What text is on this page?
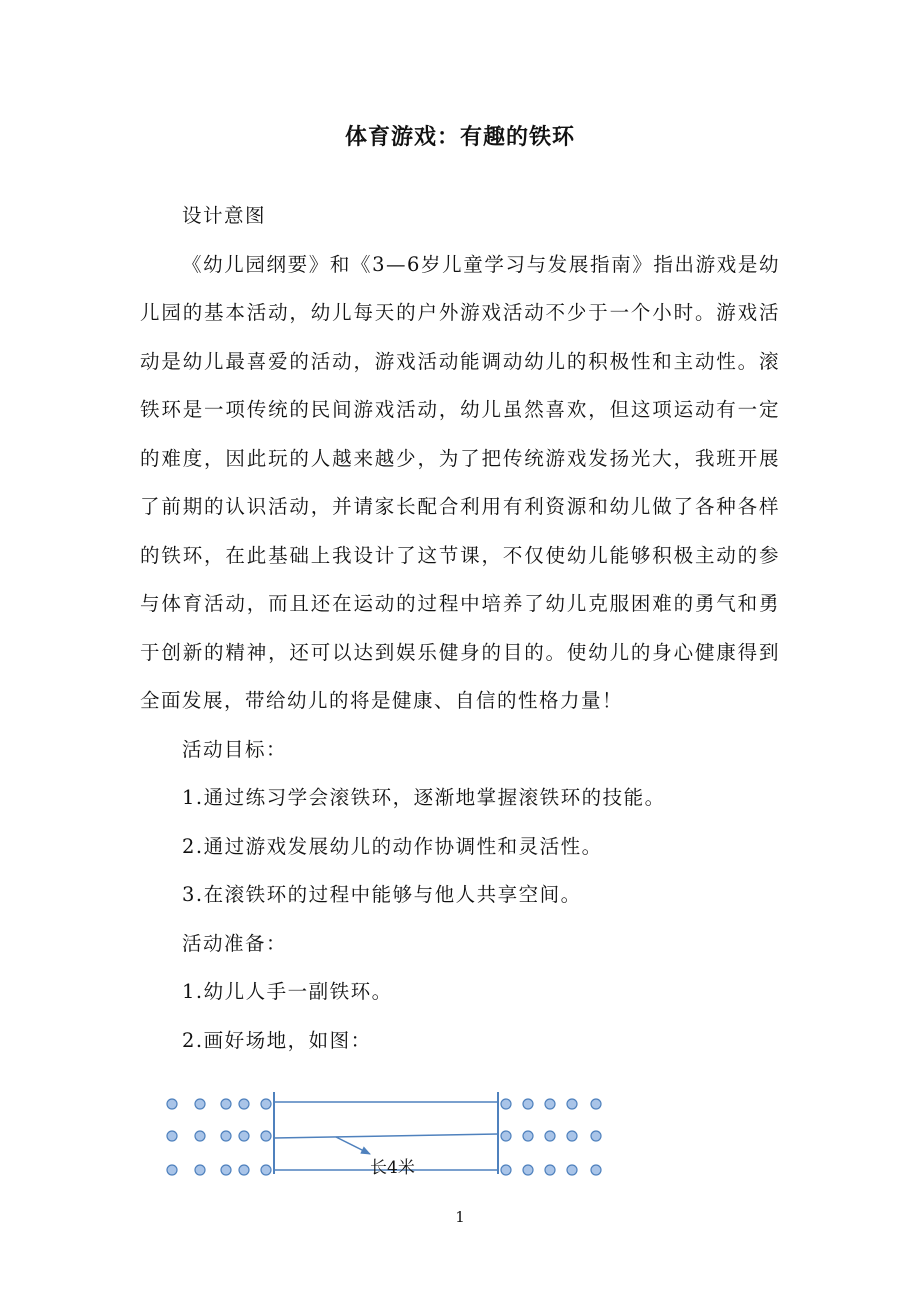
体育游戏：有趣的铁环

设计意图

《幼儿园纲要》和《3—6岁儿童学习与发展指南》指出游戏是幼儿园的基本活动，幼儿每天的户外游戏活动不少于一个小时。游戏活动是幼儿最喜爱的活动，游戏活动能调动幼儿的积极性和主动性。滚铁环是一项传统的民间游戏活动，幼儿虽然喜欢，但这项运动有一定的难度，因此玩的人越来越少，为了把传统游戏发扬光大，我班开展了前期的认识活动，并请家长配合利用有利资源和幼儿做了各种各样的铁环，在此基础上我设计了这节课，不仅使幼儿能够积极主动的参与体育活动，而且还在运动的过程中培养了幼儿克服困难的勇气和勇于创新的精神，还可以达到娱乐健身的目的。使幼儿的身心健康得到全面发展，带给幼儿的将是健康、自信的性格力量！

活动目标：

1.通过练习学会滚铁环，逐渐地掌握滚铁环的技能。

2.通过游戏发展幼儿的动作协调性和灵活性。

3.在滚铁环的过程中能够与他人共享空间。

活动准备：

1.幼儿人手一副铁环。

2.画好场地，如图：

长4米
1
